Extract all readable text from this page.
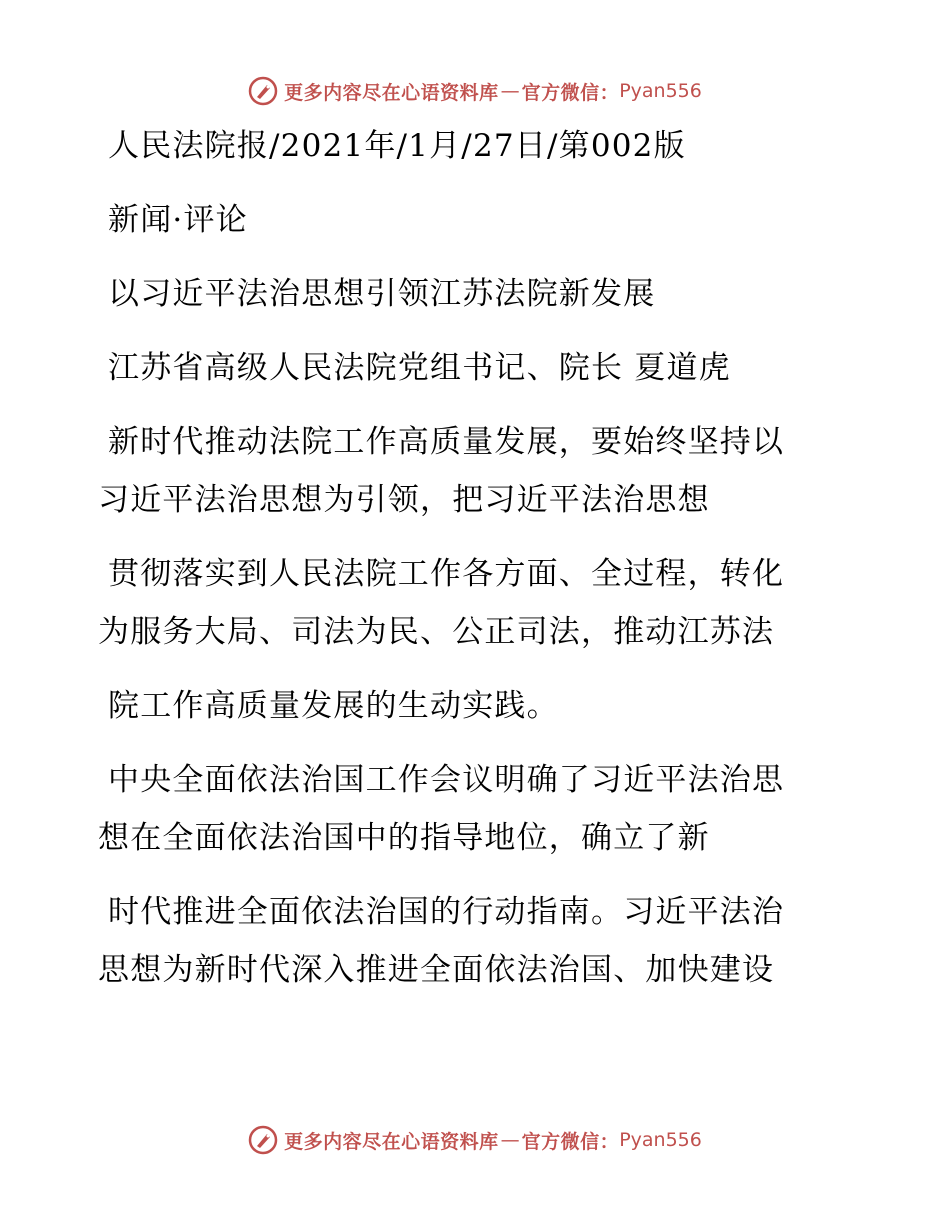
更多内容尽在心语资料库 — 官方微信： Pyan556
人民法院报/2021年/1月/27日/第002版
新闻·评论
以习近平法治思想引领江苏法院新发展
江苏省高级人民法院党组书记、院长 夏道虎
新时代推动法院工作高质量发展，要始终坚持以
习近平法治思想为引领，把习近平法治思想
贯彻落实到人民法院工作各方面、全过程，转化
为服务大局、司法为民、公正司法，推动江苏法
院工作高质量发展的生动实践。
中央全面依法治国工作会议明确了习近平法治思
想在全面依法治国中的指导地位，确立了新
时代推进全面依法治国的行动指南。习近平法治
思想为新时代深入推进全面依法治国、加快建设
更多内容尽在心语资料库 — 官方微信： Pyan556
